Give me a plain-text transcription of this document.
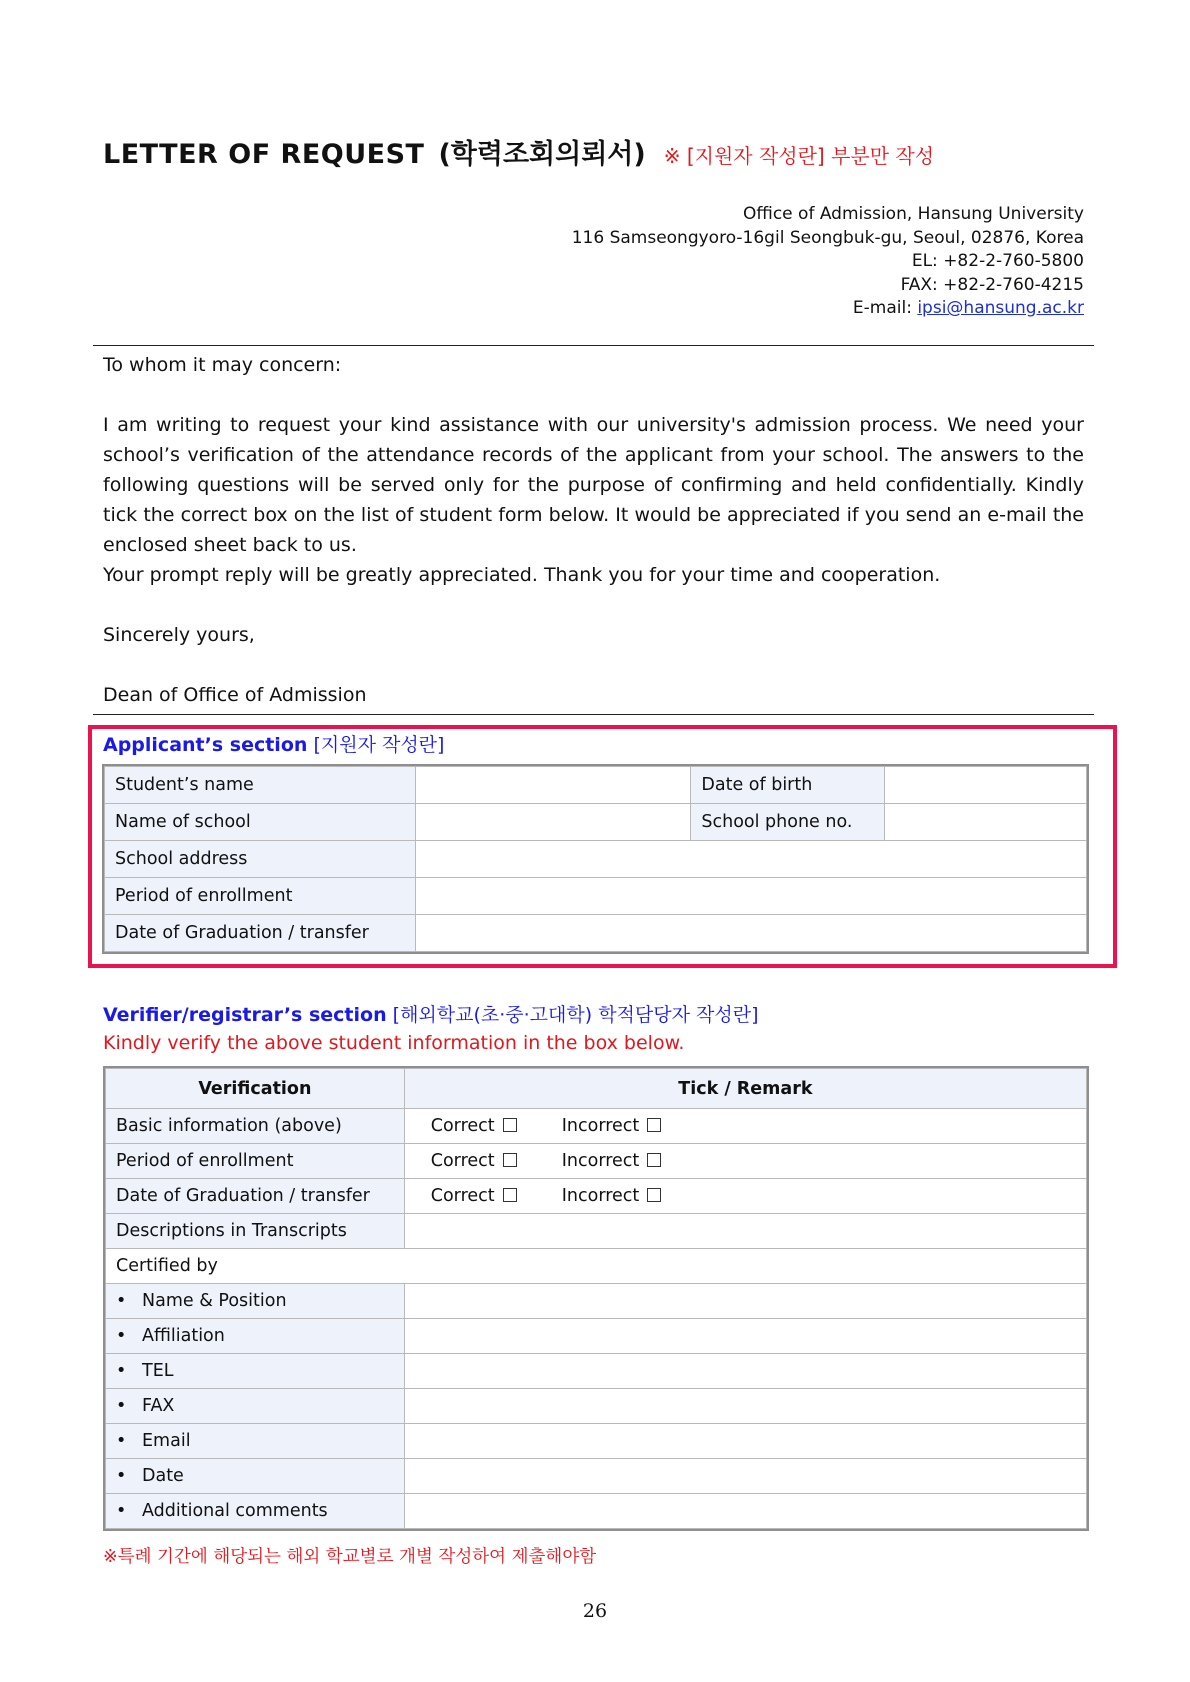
LETTER OF REQUEST (학력조회의뢰서) ※ [지원자 작성란] 부분만 작성
Office of Admission, Hansung University
116 Samseongyoro-16gil Seongbuk-gu, Seoul, 02876, Korea
EL: +82-2-760-5800
FAX: +82-2-760-4215
E-mail: ipsi@hansung.ac.kr

To whom it may concern:

I am writing to request your kind assistance with our university's admission process. We need your school’s verification of the attendance records of the applicant from your school. The answers to the following questions will be served only for the purpose of confirming and held confidentially. Kindly tick the correct box on the list of student form below. It would be appreciated if you send an e-mail the enclosed sheet back to us.

Your prompt reply will be greatly appreciated. Thank you for your time and cooperation.

Sincerely yours,

Dean of Office of Admission

Applicant’s section [지원자 작성란]
Student’s name		Date of birth	
Name of school		School phone no.	
School address			
Period of enrollment			
Date of Graduation / transfer			
Verifier/registrar’s section [해외학교(초·중·고대학) 학적담당자 작성란]
Kindly verify the above student information in the box below.
Verification	Tick / Remark
Basic information (above)	Correct Incorrect
Period of enrollment	Correct Incorrect
Date of Graduation / transfer	Correct Incorrect
Descriptions in Transcripts	
Certified by	
• Name & Position	
• Affiliation	
• TEL	
• FAX	
• Email	
• Date	
• Additional comments	
※특례 기간에 해당되는 해외 학교별로 개별 작성하여 제출해야함
26
